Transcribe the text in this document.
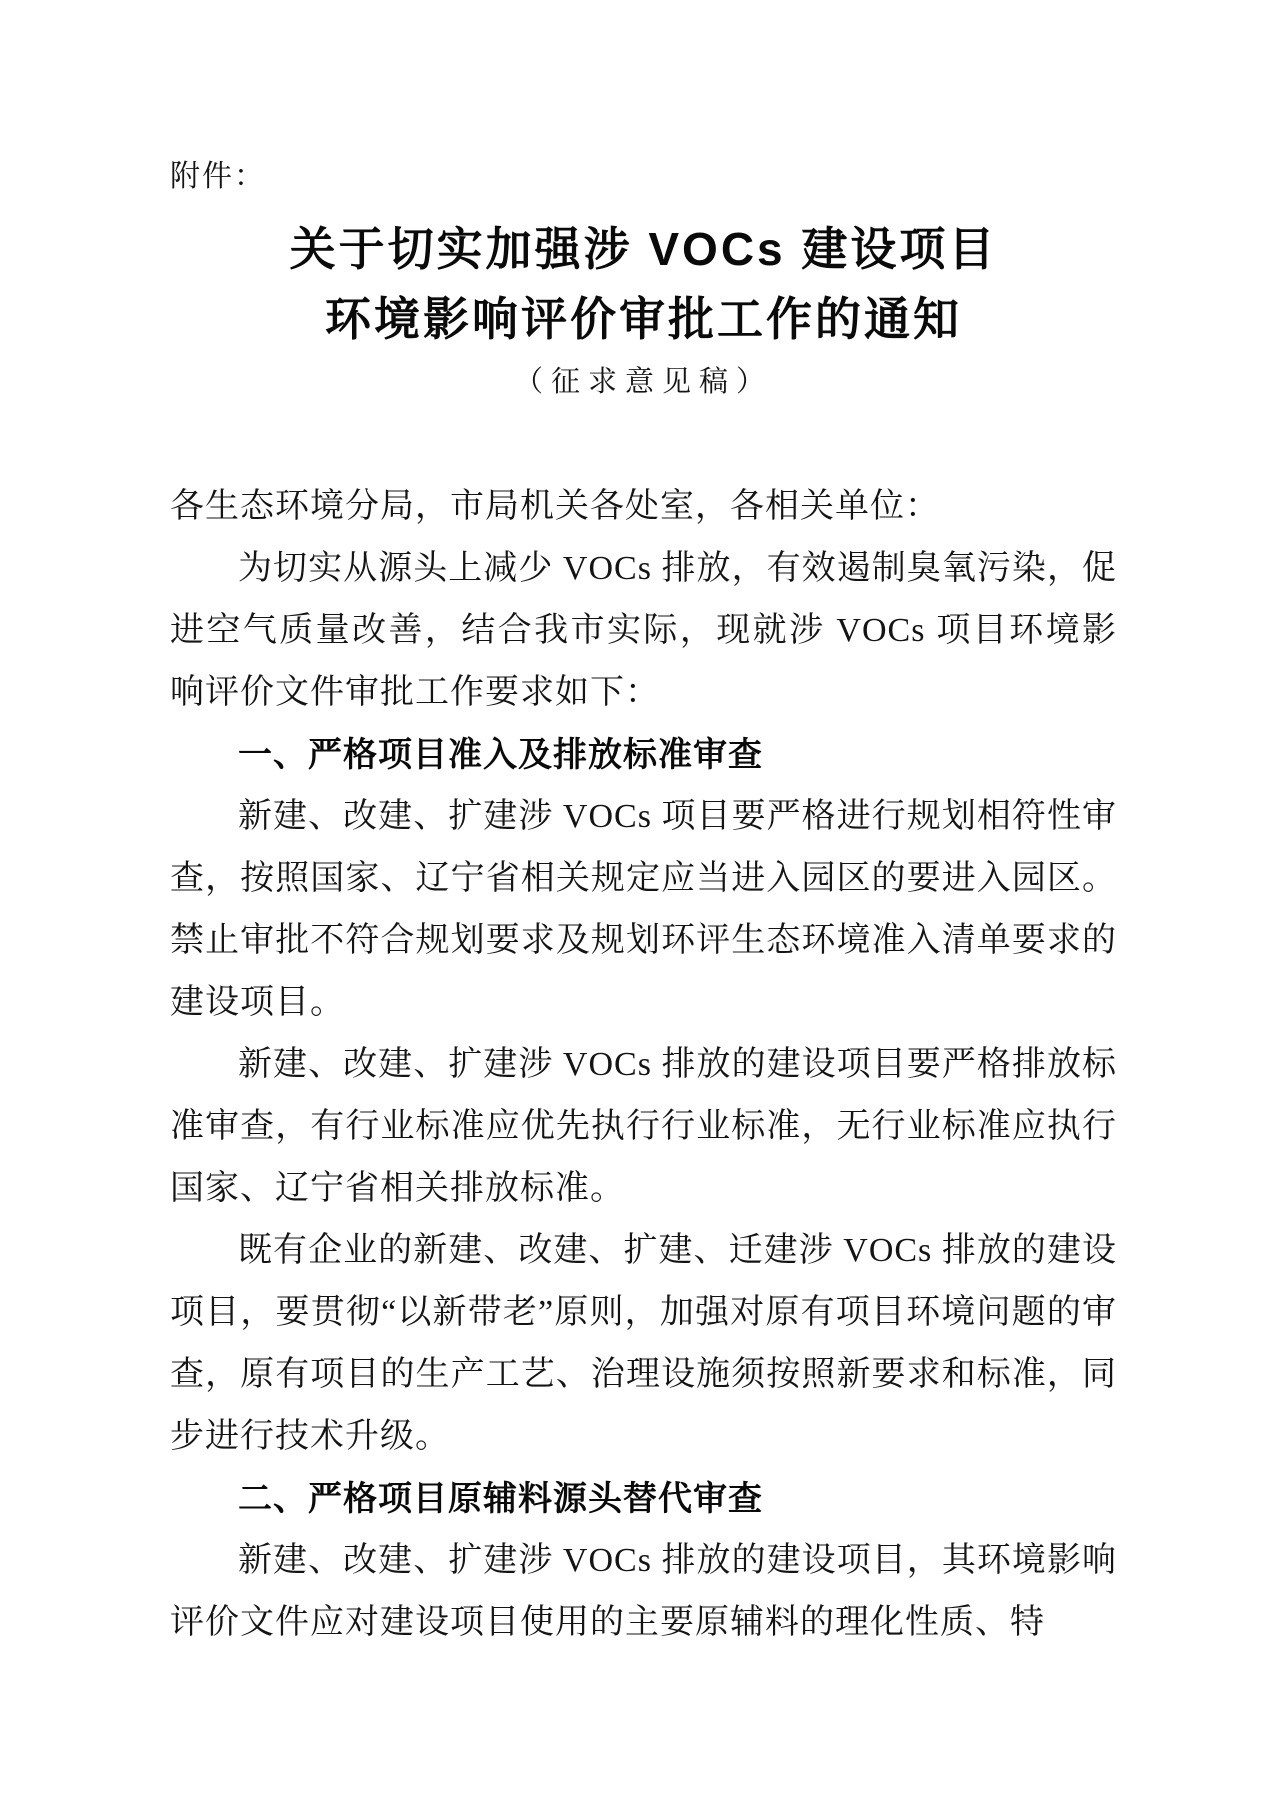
附件：
关于切实加强涉 VOCs 建设项目
环境影响评价审批工作的通知
（征求意见稿）

各生态环境分局，市局机关各处室，各相关单位：

为切实从源头上减少 VOCs 排放，有效遏制臭氧污染，促进空气质量改善，结合我市实际，现就涉 VOCs 项目环境影响评价文件审批工作要求如下：

一、严格项目准入及排放标准审查

新建、改建、扩建涉 VOCs 项目要严格进行规划相符性审查，按照国家、辽宁省相关规定应当进入园区的要进入园区。禁止审批不符合规划要求及规划环评生态环境准入清单要求的建设项目。

新建、改建、扩建涉 VOCs 排放的建设项目要严格排放标准审查，有行业标准应优先执行行业标准，无行业标准应执行国家、辽宁省相关排放标准。

既有企业的新建、改建、扩建、迁建涉 VOCs 排放的建设项目，要贯彻“以新带老”原则，加强对原有项目环境问题的审查，原有项目的生产工艺、治理设施须按照新要求和标准，同步进行技术升级。

二、严格项目原辅料源头替代审查

新建、改建、扩建涉 VOCs 排放的建设项目，其环境影响评价文件应对建设项目使用的主要原辅料的理化性质、特
